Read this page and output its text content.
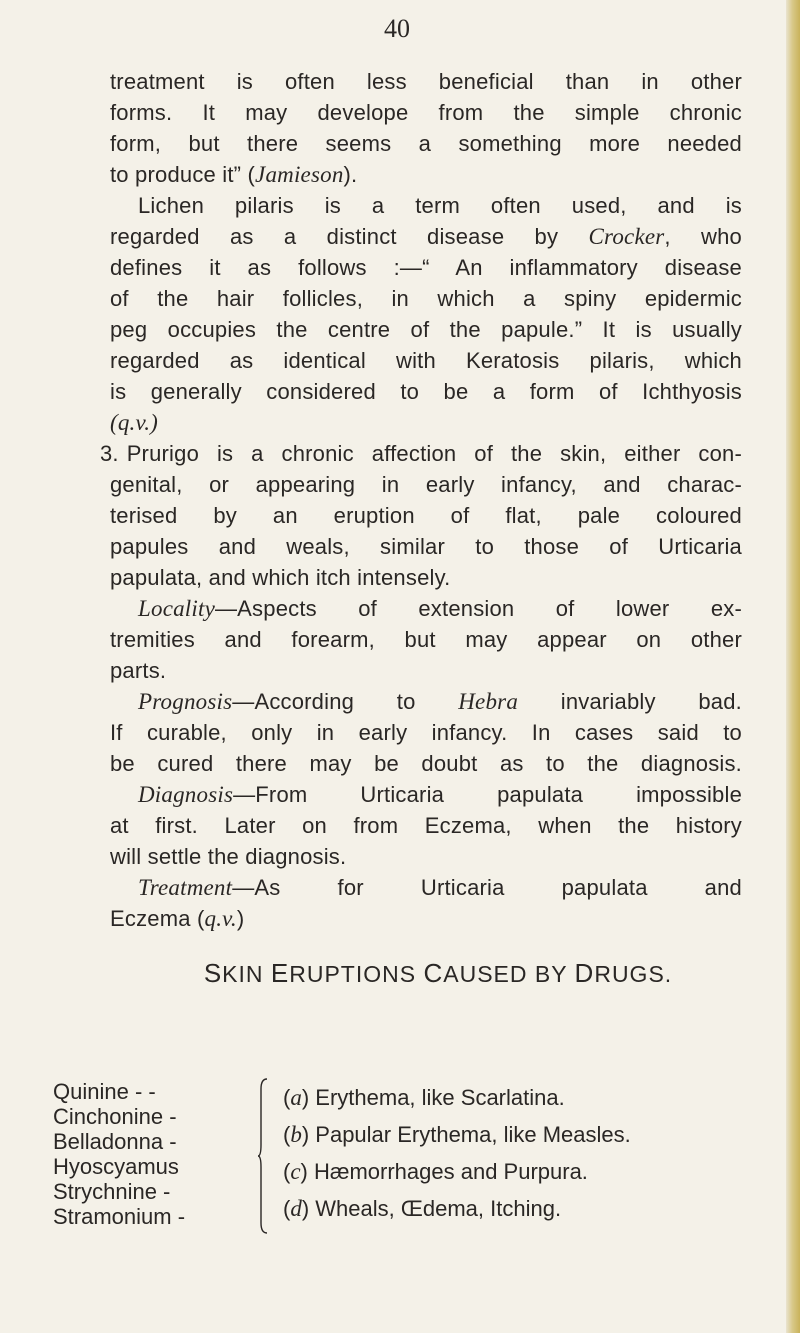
40
treatment is often less beneficial than in other
forms. It may develope from the simple chronic
form, but there seems a something more needed
to produce it” (Jamieson).
Lichen pilaris is a term often used, and is
regarded as a distinct disease by Crocker, who
defines it as follows :—“ An inflammatory disease
of the hair follicles, in which a spiny epidermic
peg occupies the centre of the papule.” It is usually
regarded as identical with Keratosis pilaris, which
is generally considered to be a form of Ichthyosis
(q.v.)
3. Prurigo is a chronic affection of the skin, either con-
genital, or appearing in early infancy, and charac-
terised by an eruption of flat, pale coloured
papules and weals, similar to those of Urticaria
papulata, and which itch intensely.
Locality—Aspects of extension of lower ex-
tremities and forearm, but may appear on other
parts.
Prognosis—According to Hebra invariably bad.
If curable, only in early infancy. In cases said to
be cured there may be doubt as to the diagnosis.
Diagnosis—From Urticaria papulata impossible
at first. Later on from Eczema, when the history
will settle the diagnosis.
Treatment—As for Urticaria papulata and
Eczema (q.v.)
SKIN ERUPTIONS CAUSED BY DRUGS.
Quinine - -
Cinchonine -
Belladonna -
Hyoscyamus
Strychnine -
Stramonium -
(a) Erythema, like Scarlatina.
(b) Papular Erythema, like Measles.
(c) Hæmorrhages and Purpura.
(d) Wheals, Œdema, Itching.
